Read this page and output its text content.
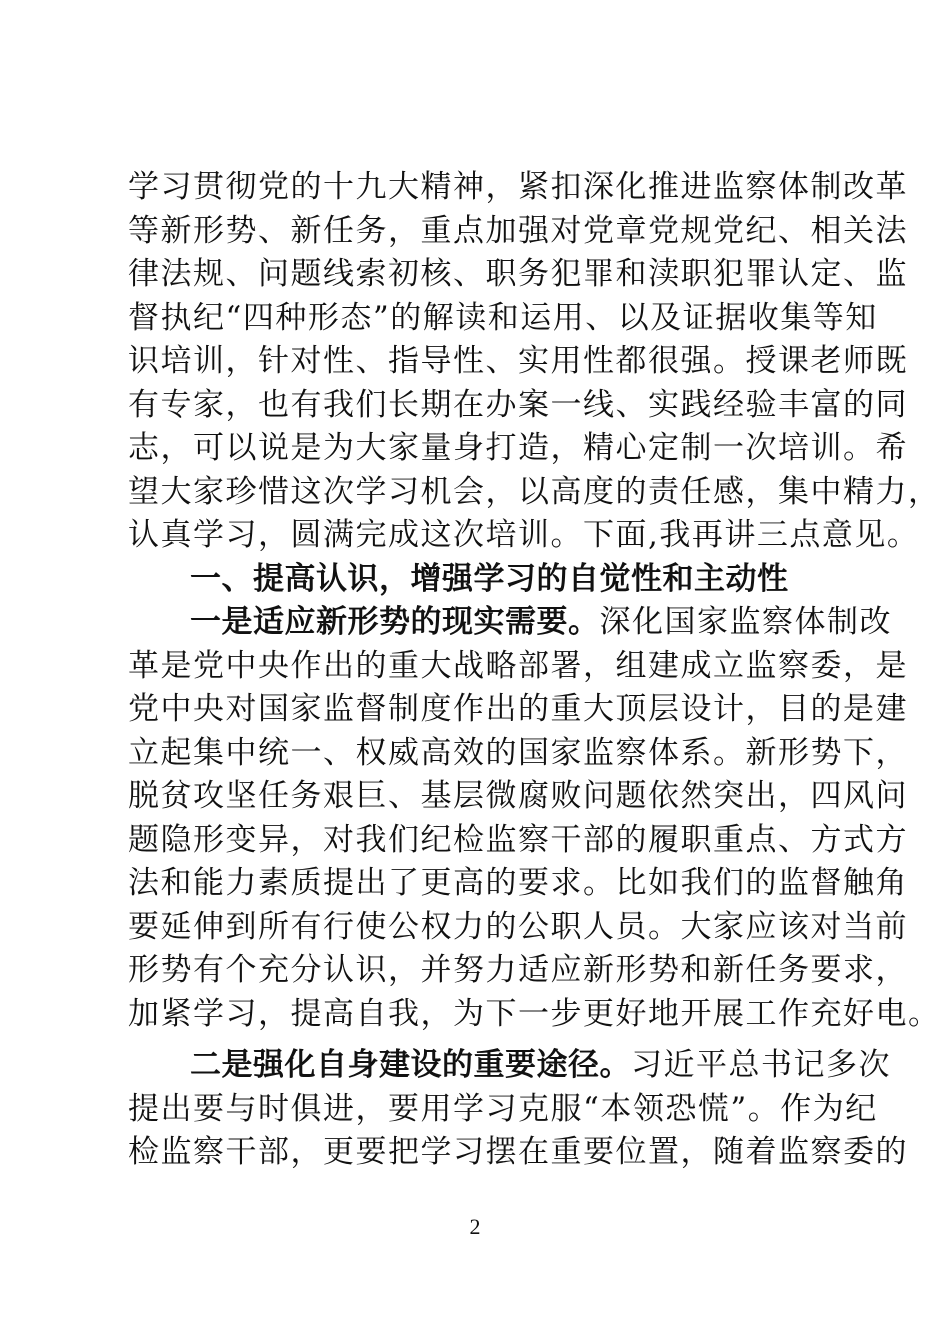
学习贯彻党的十九大精神，紧扣深化推进监察体制改革
等新形势、新任务，重点加强对党章党规党纪、相关法
律法规、问题线索初核、职务犯罪和渎职犯罪认定、监
督执纪“四种形态”的解读和运用、以及证据收集等知
识培训，针对性、指导性、实用性都很强。授课老师既
有专家，也有我们长期在办案一线、实践经验丰富的同
志，可以说是为大家量身打造，精心定制一次培训。希
望大家珍惜这次学习机会，以高度的责任感，集中精力，
认真学习，圆满完成这次培训。下面,我再讲三点意见。
一、提高认识，增强学习的自觉性和主动性
一是适应新形势的现实需要。深化国家监察体制改
革是党中央作出的重大战略部署，组建成立监察委，是
党中央对国家监督制度作出的重大顶层设计，目的是建
立起集中统一、权威高效的国家监察体系。新形势下，
脱贫攻坚任务艰巨、基层微腐败问题依然突出，四风问
题隐形变异，对我们纪检监察干部的履职重点、方式方
法和能力素质提出了更高的要求。比如我们的监督触角
要延伸到所有行使公权力的公职人员。大家应该对当前
形势有个充分认识，并努力适应新形势和新任务要求，
加紧学习，提高自我，为下一步更好地开展工作充好电。
二是强化自身建设的重要途径。习近平总书记多次
提出要与时俱进，要用学习克服“本领恐慌”。作为纪
检监察干部，更要把学习摆在重要位置，随着监察委的
2
